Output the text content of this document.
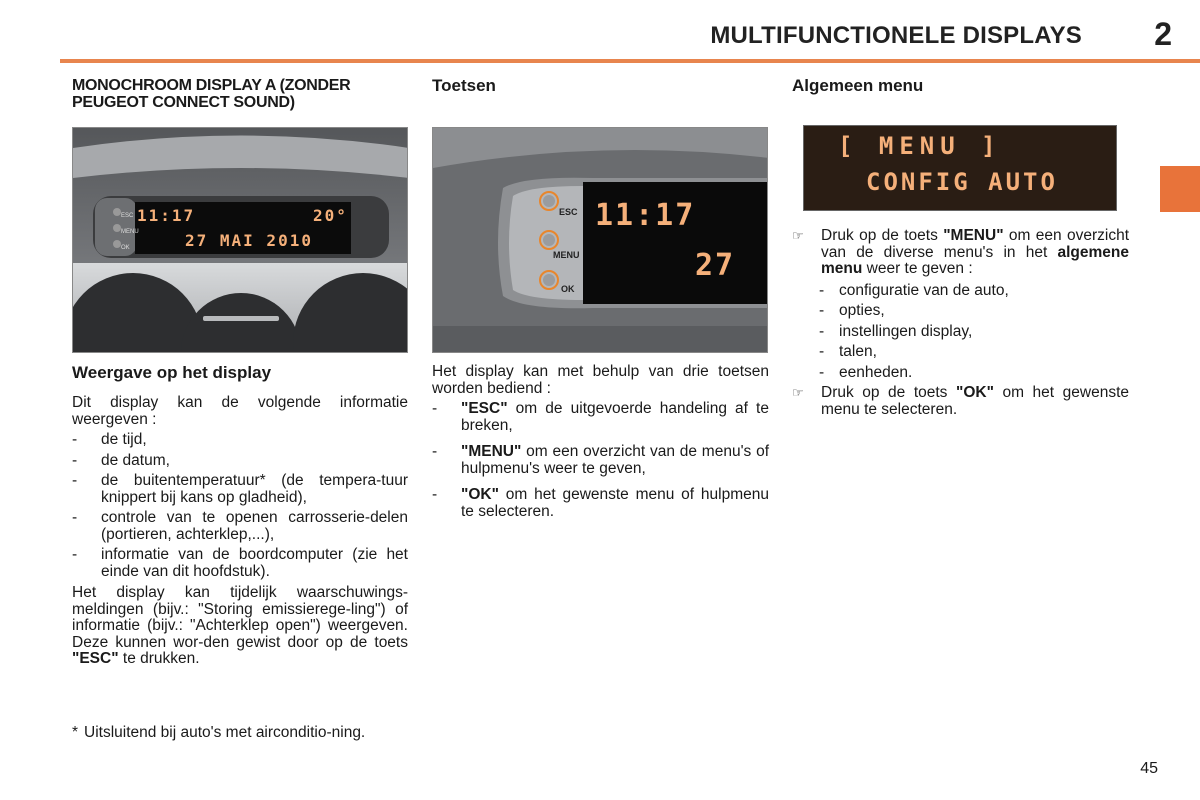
MULTIFUNCTIONELE DISPLAYS 2
MONOCHROOM DISPLAY A (ZONDER PEUGEOT CONNECT SOUND)
11:17	20°
27 MAI 2010
ESC
MENU
OK
Weergave op het display

Dit display kan de volgende informatie weergeven :

- de tijd,
- de datum,
- de buitentemperatuur* (de tempera-tuur knippert bij kans op gladheid),
- controle van te openen carrosserie-delen (portieren, achterklep,...),
- informatie van de boordcomputer (zie het einde van dit hoofdstuk).

Het display kan tijdelijk waarschuwings-meldingen (bijv.: "Storing emissierege-ling") of informatie (bijv.: "Achterklep open") weergeven. Deze kunnen wor-den gewist door op de toets "ESC" te drukken.

* Uitsluitend bij auto's met airconditio-ning.
Toetsen
ESC
MENU
OK
11:17
27

Het display kan met behulp van drie toetsen worden bediend :

- "ESC" om de uitgevoerde handeling af te breken,
- "MENU" om een overzicht van de menu's of hulpmenu's weer te geven,
- "OK" om het gewenste menu of hulpmenu te selecteren.
Algemeen menu
[ MENU ]
CONFIG AUTO
☞ Druk op de toets "MENU" om een overzicht van de diverse menu's in het algemene menu weer te geven :
- configuratie van de auto,
- opties,
- instellingen display,
- talen,
- eenheden.
☞ Druk op de toets "OK" om het gewenste menu te selecteren.
45
